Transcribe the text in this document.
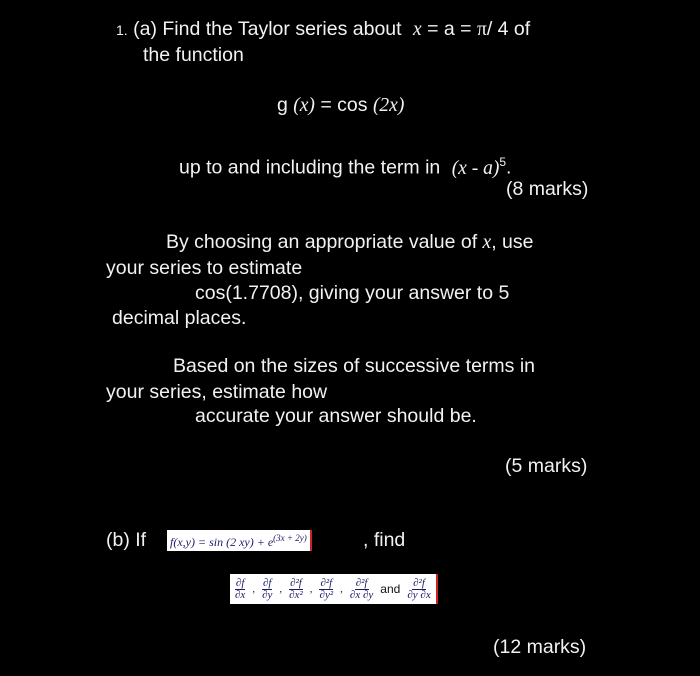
1. (a) Find the Taylor series about x = a = π/ 4 of
the function
g (x) = cos (2x)
up to and including the term in (x - a)$^5$.
(8 marks)
By choosing an appropriate value of x, use
your series to estimate
cos(1.7708), giving your answer to 5
decimal places.
Based on the sizes of successive terms in
your series, estimate how
accurate your answer should be.
(5 marks)
(b) If f(x,y) = sin (2 $xy) + e^{(3x + 2y)}$	, find
$\frac{\partial f}{\partial x}$ , $\frac{\partial f}{\partial y}$ , $\frac{\text{∂²f}}{\text{∂x²}}$ , $\frac{\text{∂²f}}{\text{∂y²}}$ , $\frac{\text{∂²f}}{\partial x \partial y}$ and $\frac{\text{∂²f}}{\partial y \partial x}$
(12 marks)
